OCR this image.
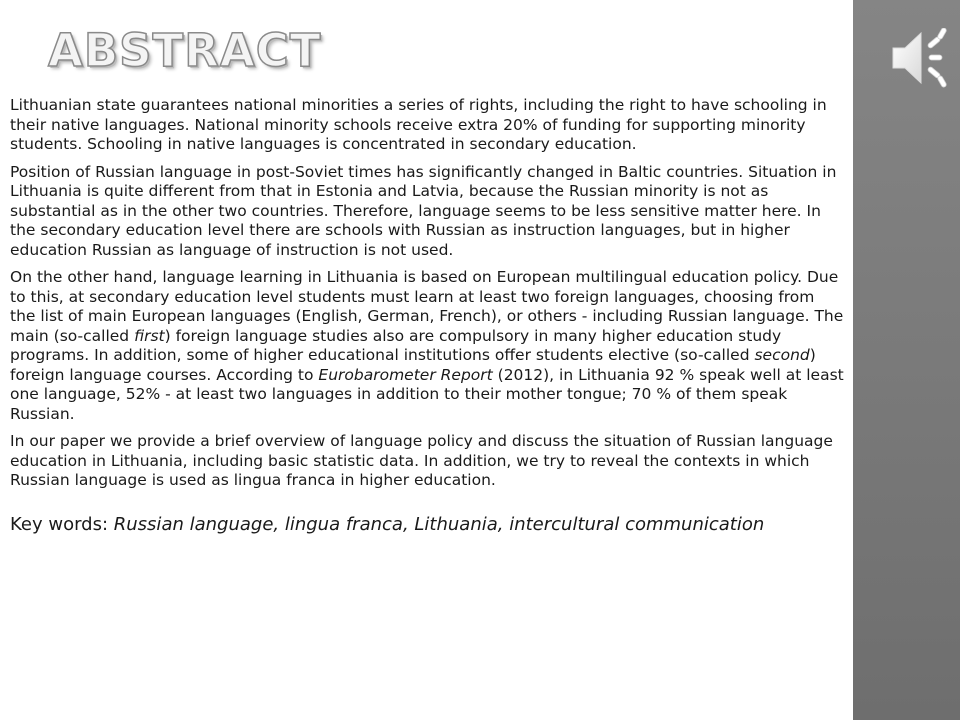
ABSTRACT

Lithuanian state guarantees national minorities a series of rights, including the right to have schooling in their native languages. National minority schools receive extra 20% of funding for supporting minority students. Schooling in native languages is concentrated in secondary education.

Position of Russian language in post-Soviet times has significantly changed in Baltic countries. Situation in Lithuania is quite different from that in Estonia and Latvia, because the Russian minority is not as substantial as in the other two countries. Therefore, language seems to be less sensitive matter here. In the secondary education level there are schools with Russian as instruction languages, but in higher education Russian as language of instruction is not used.

On the other hand, language learning in Lithuania is based on European multilingual education policy. Due to this, at secondary education level students must learn at least two foreign languages, choosing from the list of main European languages (English, German, French), or others - including Russian language. The main (so-called first) foreign language studies also are compulsory in many higher education study programs. In addition, some of higher educational institutions offer students elective (so-called second) foreign language courses. According to Eurobarometer Report (2012), in Lithuania 92 % speak well at least one language, 52% - at least two languages in addition to their mother tongue; 70 % of them speak Russian.

In our paper we provide a brief overview of language policy and discuss the situation of Russian language education in Lithuania, including basic statistic data. In addition, we try to reveal the contexts in which Russian language is used as lingua franca in higher education.

Key words: Russian language, lingua franca, Lithuania, intercultural communication
